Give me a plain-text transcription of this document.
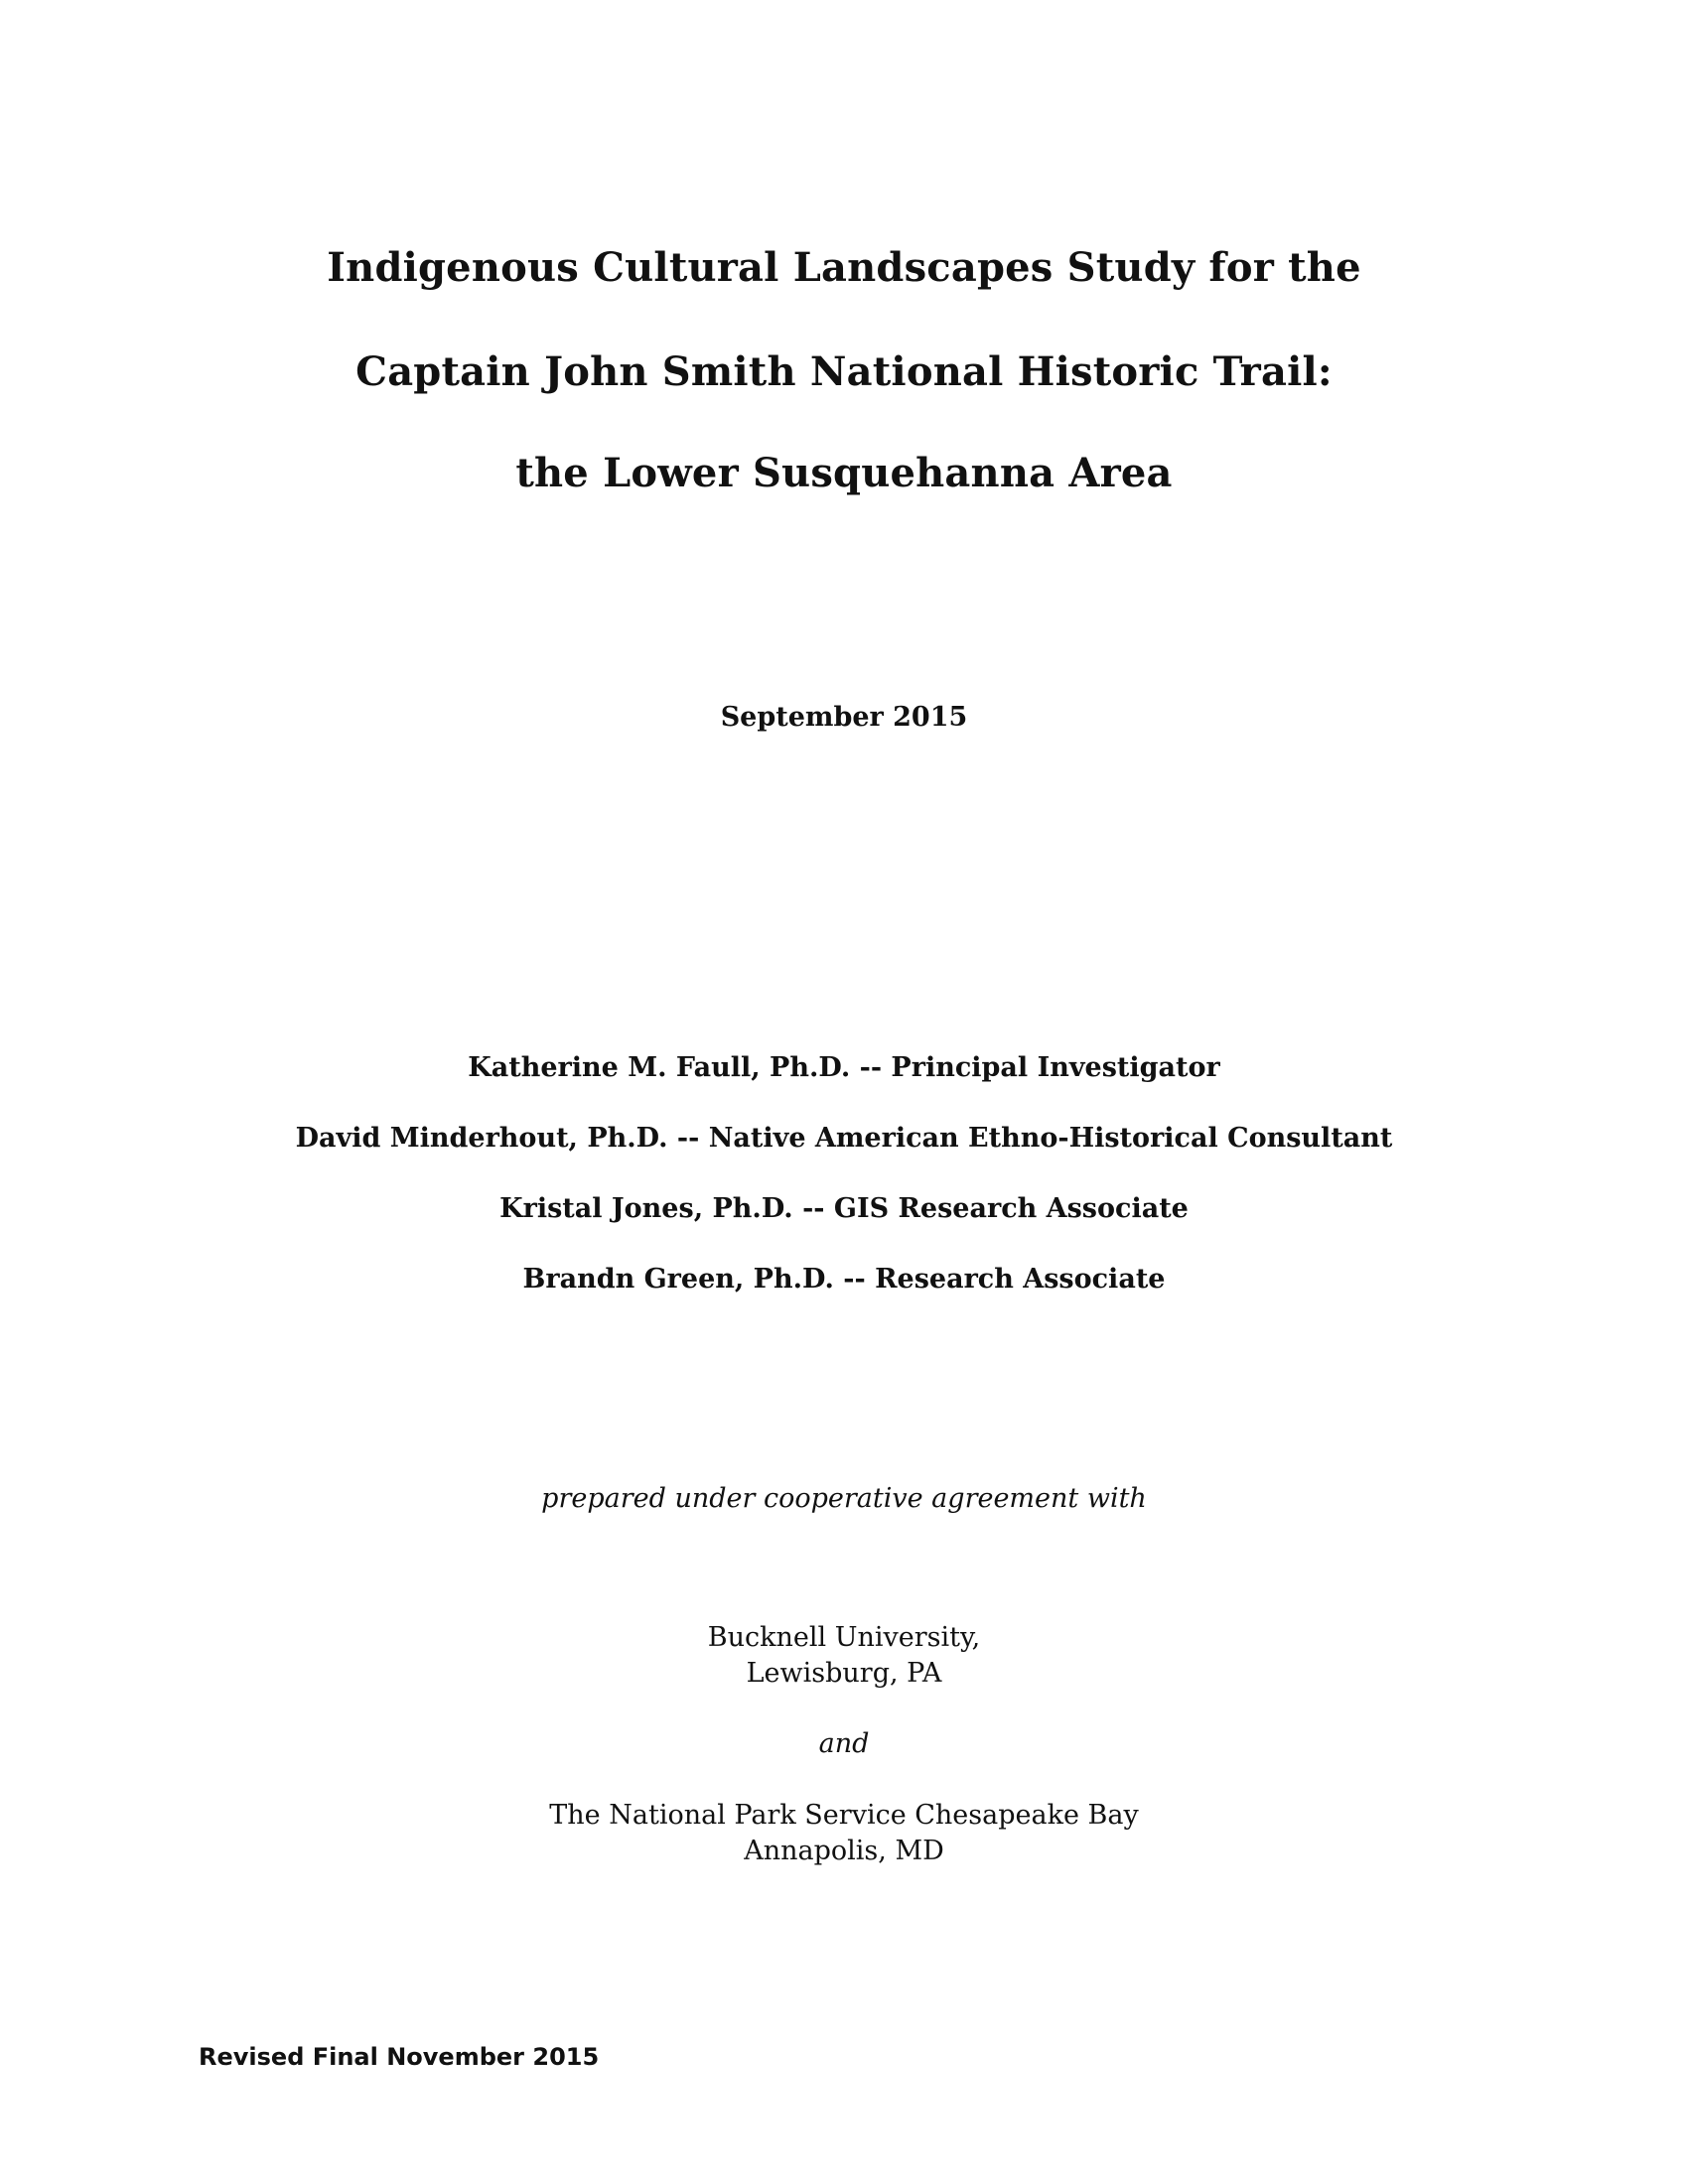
Indigenous Cultural Landscapes Study for the
Captain John Smith National Historic Trail:
the Lower Susquehanna Area
September 2015
Katherine M. Faull, Ph.D. -- Principal Investigator
David Minderhout, Ph.D. -- Native American Ethno-Historical Consultant
Kristal Jones, Ph.D. -- GIS Research Associate
Brandn Green, Ph.D. -- Research Associate
prepared under cooperative agreement with
Bucknell University,
Lewisburg, PA
and
The National Park Service Chesapeake Bay
Annapolis, MD
Revised Final November 2015
